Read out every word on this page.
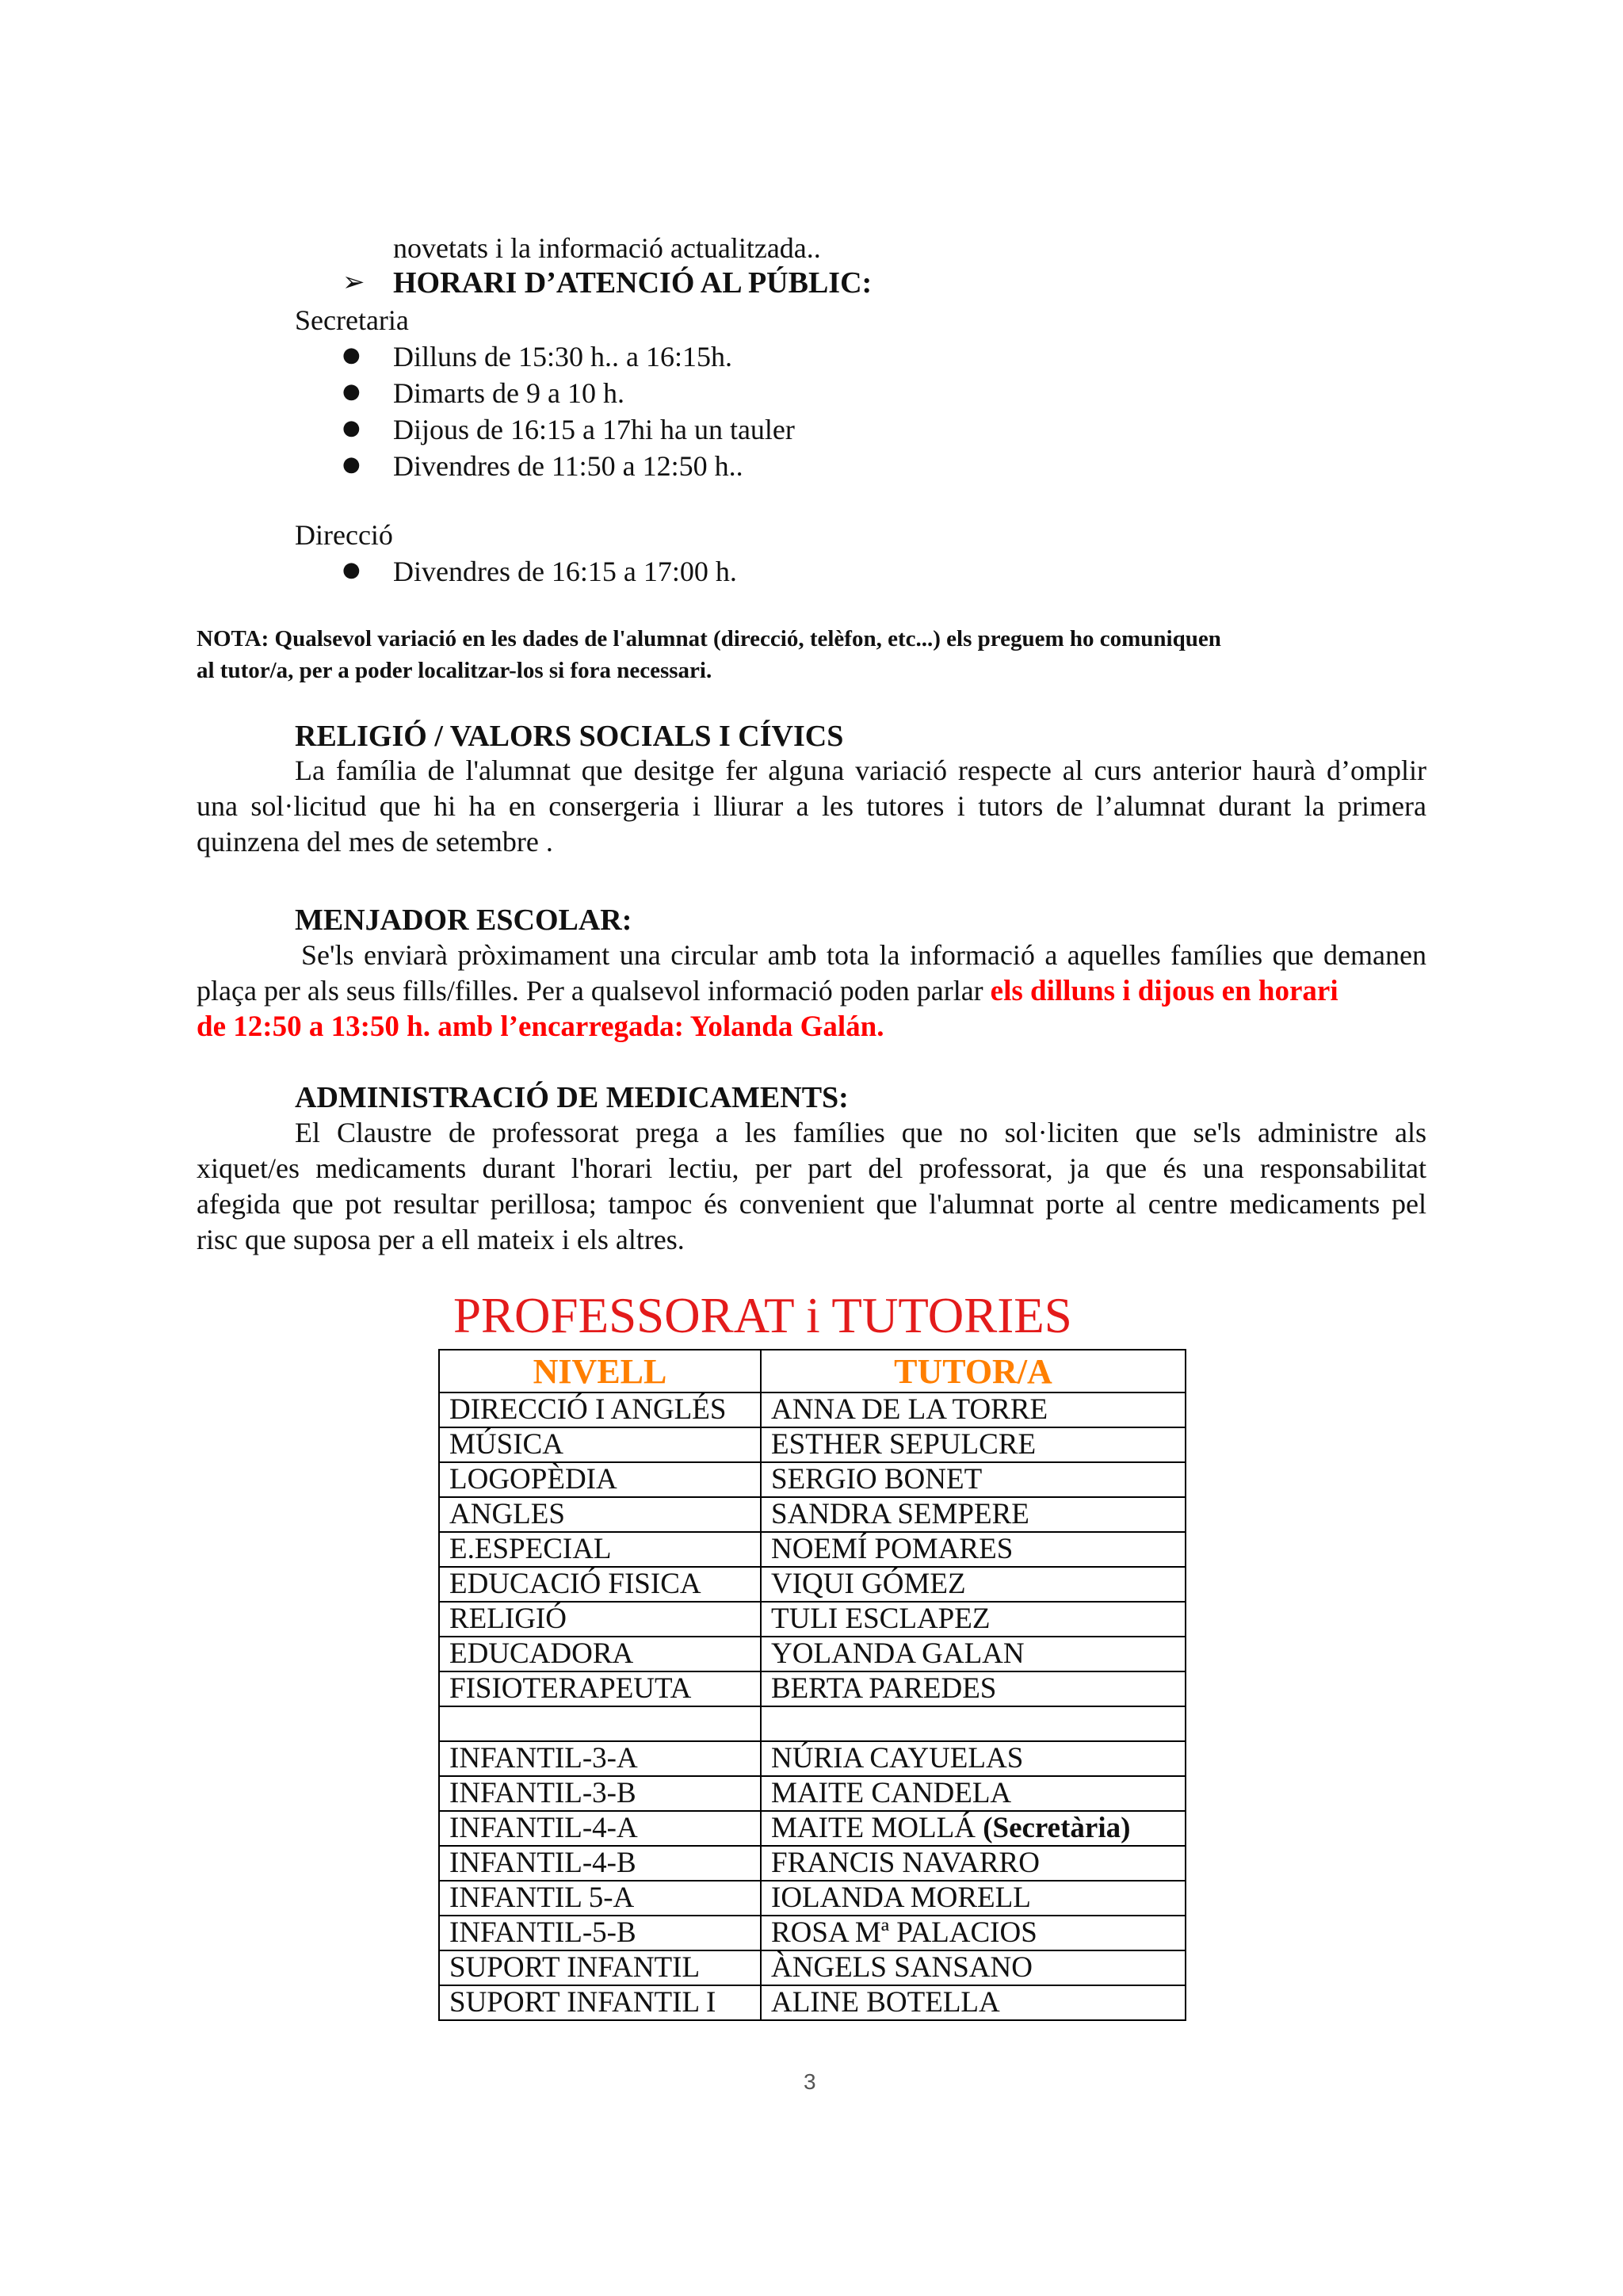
novetats i la informació actualitzada..

➢ HORARI D’ATENCIÓ AL PÚBLIC:

Secretaria

● Dilluns de 15:30 h.. a 16:15h.
● Dimarts de 9 a 10 h.
● Dijous de 16:15 a 17hi ha un tauler
● Divendres de 11:50 a 12:50 h..

Direcció

● Divendres de 16:15 a 17:00 h.
NOTA: Qualsevol variació en les dades de l'alumnat (direcció, telèfon, etc...) els preguem ho comuniquen
al tutor/a, per a poder localitzar-los si fora necessari.

RELIGIÓ / VALORS SOCIALS I CÍVICS

La família de l'alumnat que desitge fer alguna variació respecte al curs anterior haurà d’omplir
una sol·licitud que hi ha en consergeria i lliurar a les tutores i tutors de l’alumnat durant la primera
quinzena del mes de setembre .

MENJADOR ESCOLAR:

Se'ls enviarà pròximament una circular amb tota la informació a aquelles famílies que demanen
plaça per als seus fills/filles. Per a qualsevol informació poden parlar els dilluns i dijous en horari
de 12:50 a 13:50 h. amb l’encarregada: Yolanda Galán.

ADMINISTRACIÓ DE MEDICAMENTS:

El Claustre de professorat prega a les famílies que no sol·liciten que se'ls administre als
xiquet/es medicaments durant l'horari lectiu, per part del professorat, ja que és una responsabilitat
afegida que pot resultar perillosa; tampoc és convenient que l'alumnat porte al centre medicaments pel
risc que suposa per a ell mateix i els altres.

PROFESSORAT i TUTORIES

NIVELL	TUTOR/A
DIRECCIÓ I ANGLÉS	ANNA DE LA TORRE
MÚSICA	ESTHER SEPULCRE
LOGOPÈDIA	SERGIO BONET
ANGLES	SANDRA SEMPERE
E.ESPECIAL	NOEMÍ POMARES
EDUCACIÓ FISICA	VIQUI GÓMEZ
RELIGIÓ	TULI ESCLAPEZ
EDUCADORA	YOLANDA GALAN
FISIOTERAPEUTA	BERTA PAREDES

INFANTIL-3-A	NÚRIA CAYUELAS
INFANTIL-3-B	MAITE CANDELA
INFANTIL-4-A	MAITE MOLLÁ (Secretària)
INFANTIL-4-B	FRANCIS NAVARRO
INFANTIL 5-A	IOLANDA MORELL
INFANTIL-5-B	ROSA Mª PALACIOS
SUPORT INFANTIL	ÀNGELS SANSANO
SUPORT INFANTIL I	ALINE BOTELLA

3
